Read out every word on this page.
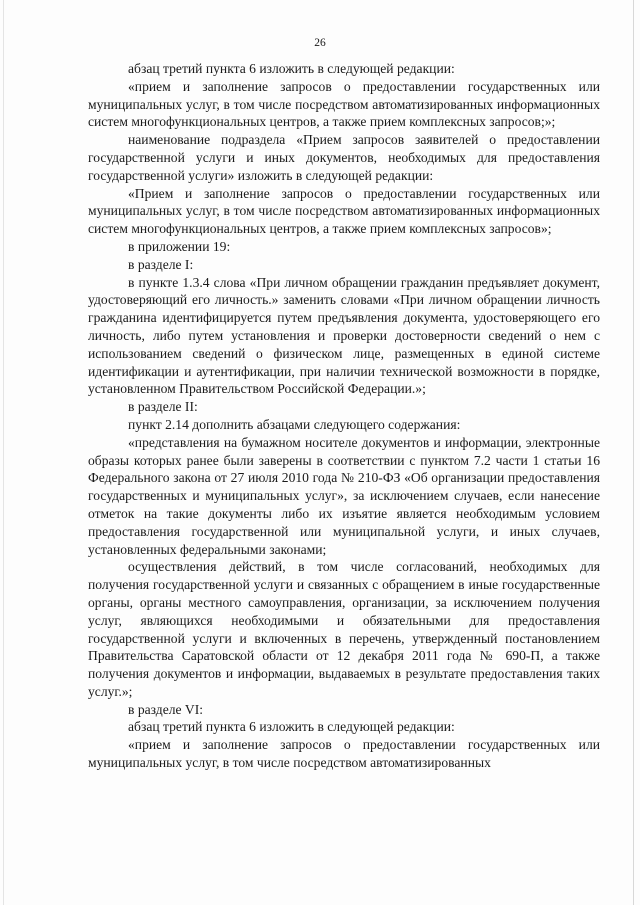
26

абзац третий пункта 6 изложить в следующей редакции:

«прием и заполнение запросов о предоставлении государственных или муниципальных услуг, в том числе посредством автоматизированных информационных систем многофункциональных центров, а также прием комплексных запросов;»;

наименование подраздела «Прием запросов заявителей о предоставлении государственной услуги и иных документов, необходимых для предоставления государственной услуги» изложить в следующей редакции:

«Прием и заполнение запросов о предоставлении государственных или муниципальных услуг, в том числе посредством автоматизированных информационных систем многофункциональных центров, а также прием комплексных запросов»;

в приложении 19:

в разделе I:

в пункте 1.3.4 слова «При личном обращении гражданин предъявляет документ, удостоверяющий его личность.» заменить словами «При личном обращении личность гражданина идентифицируется путем предъявления документа, удостоверяющего его личность, либо путем установления и проверки достоверности сведений о нем с использованием сведений о физическом лице, размещенных в единой системе идентификации и аутентификации, при наличии технической возможности в порядке, установленном Правительством Российской Федерации.»;

в разделе II:

пункт 2.14 дополнить абзацами следующего содержания:

«представления на бумажном носителе документов и информации, электронные образы которых ранее были заверены в соответствии с пунктом 7.2 части 1 статьи 16 Федерального закона от 27 июля 2010 года № 210-ФЗ «Об организации предоставления государственных и муниципальных услуг», за исключением случаев, если нанесение отметок на такие документы либо их изъятие является необходимым условием предоставления государственной или муниципальной услуги, и иных случаев, установленных федеральными законами;

осуществления действий, в том числе согласований, необходимых для получения государственной услуги и связанных с обращением в иные государственные органы, органы местного самоуправления, организации, за исключением получения услуг, являющихся необходимыми и обязательными для предоставления государственной услуги и включенных в перечень, утвержденный постановлением Правительства Саратовской области от 12 декабря 2011 года № 690-П, а также получения документов и информации, выдаваемых в результате предоставления таких услуг.»;

в разделе VI:

абзац третий пункта 6 изложить в следующей редакции:

«прием и заполнение запросов о предоставлении государственных или муниципальных услуг, в том числе посредством автоматизированных
